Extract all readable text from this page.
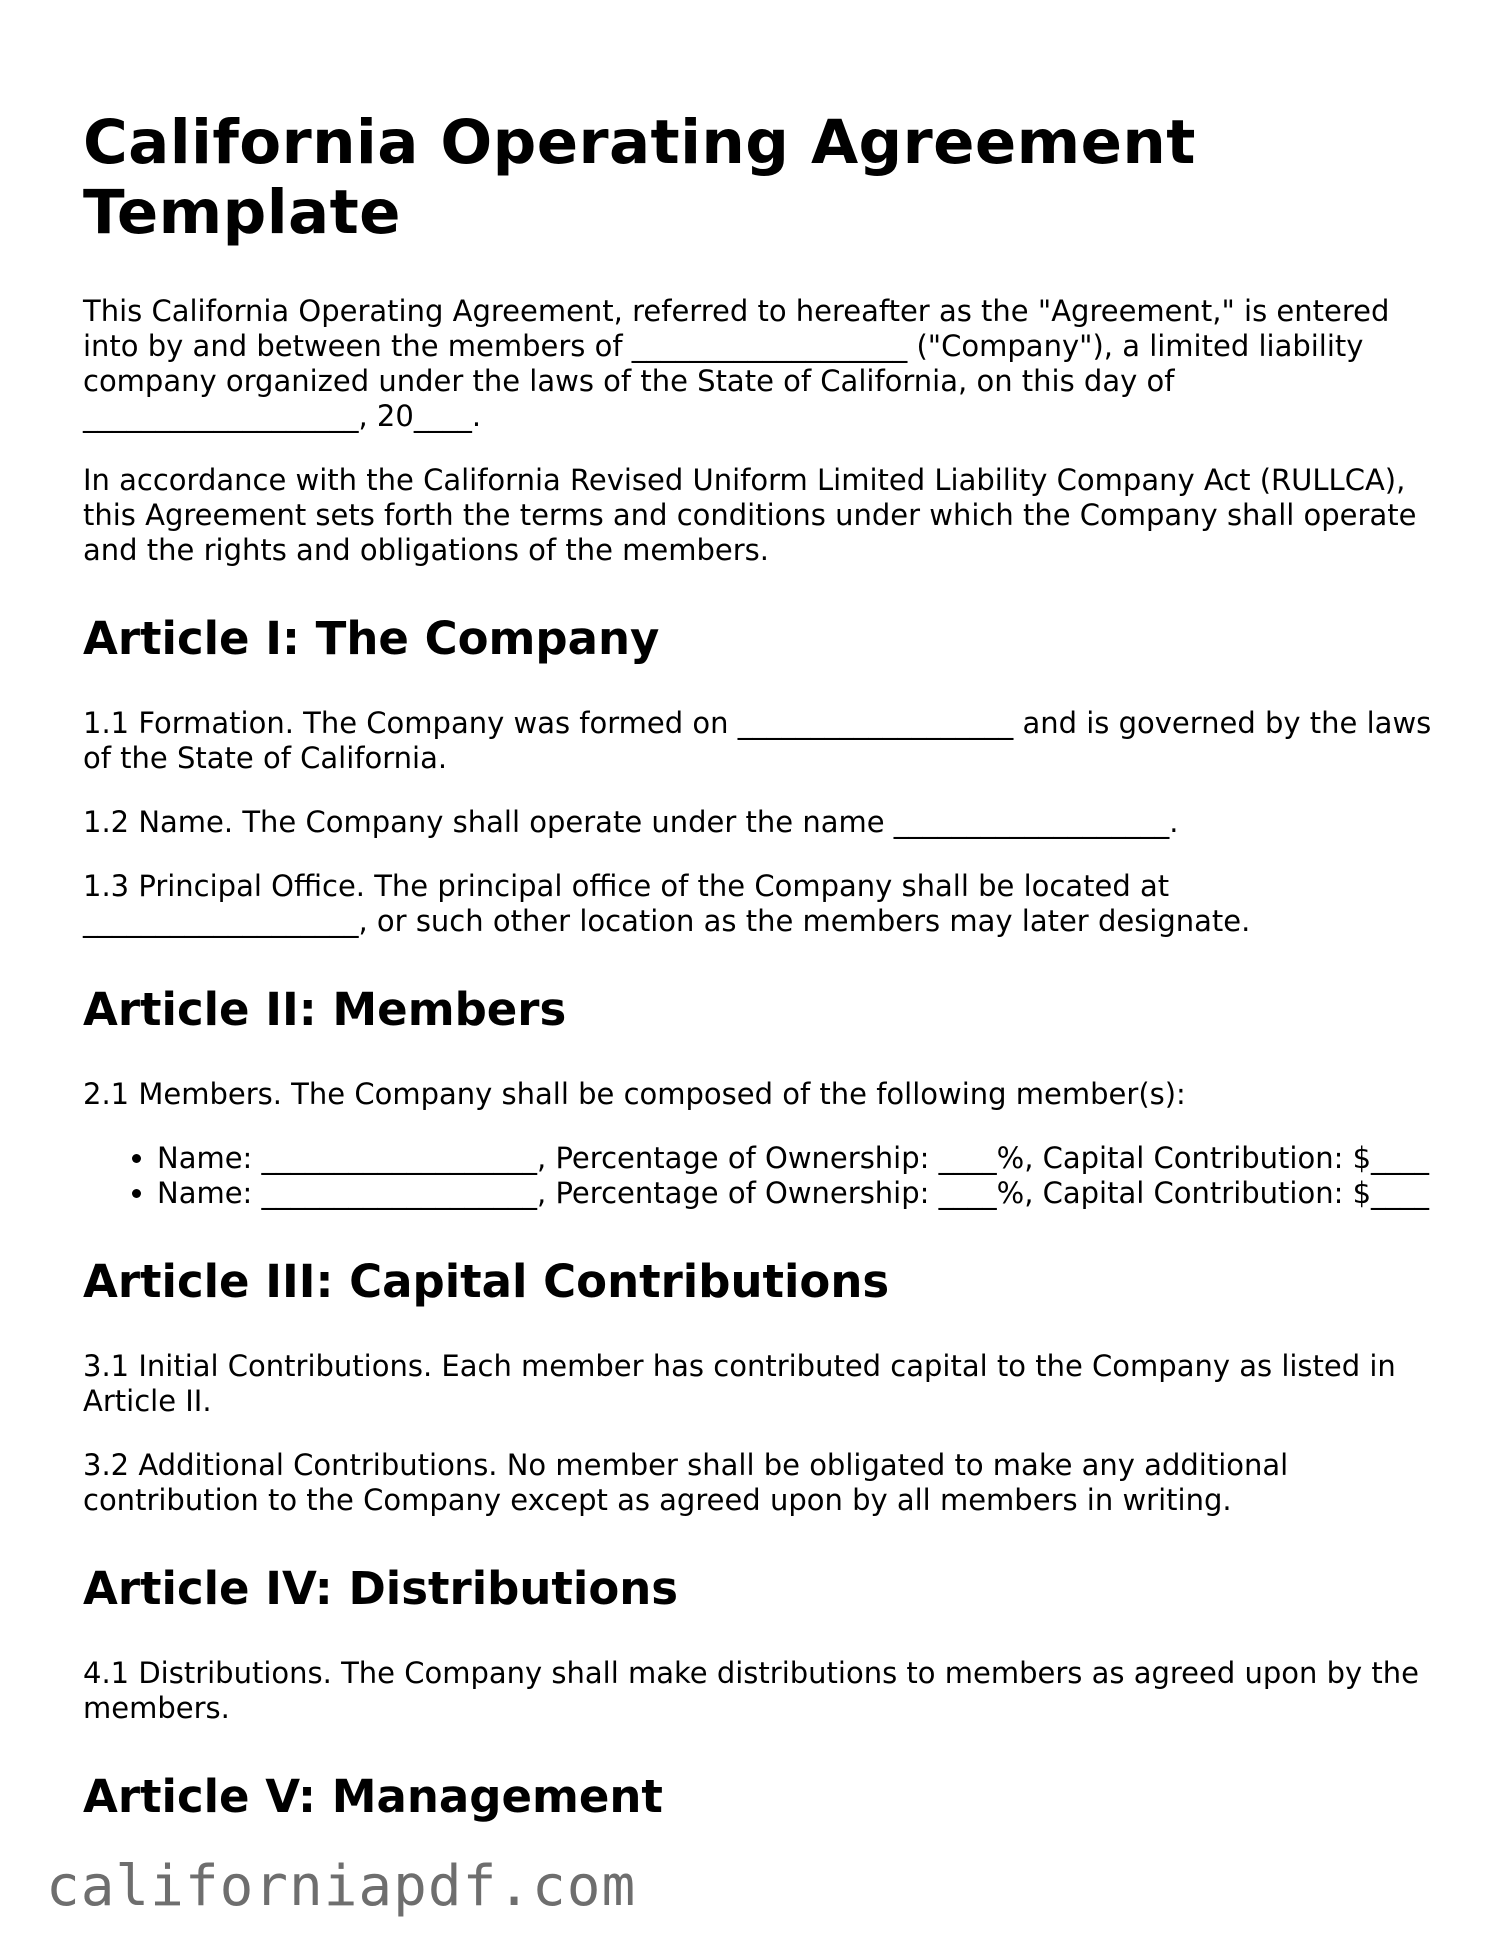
California Operating Agreement Template

This California Operating Agreement, referred to hereafter as the "Agreement," is entered into by and between the members of ___________________ ("Company"), a limited liability company organized under the laws of the State of California, on this day of ___________________, 20____.

In accordance with the California Revised Uniform Limited Liability Company Act (RULLCA), this Agreement sets forth the terms and conditions under which the Company shall operate and the rights and obligations of the members.

Article I: The Company

1.1 Formation. The Company was formed on ___________________ and is governed by the laws of the State of California.

1.2 Name. The Company shall operate under the name ___________________.

1.3 Principal Office. The principal office of the Company shall be located at ___________________, or such other location as the members may later designate.

Article II: Members

2.1 Members. The Company shall be composed of the following member(s):

• Name: ___________________, Percentage of Ownership: ____%, Capital Contribution: $____
• Name: ___________________, Percentage of Ownership: ____%, Capital Contribution: $____
Article III: Capital Contributions

3.1 Initial Contributions. Each member has contributed capital to the Company as listed in Article II.

3.2 Additional Contributions. No member shall be obligated to make any additional contribution to the Company except as agreed upon by all members in writing.

Article IV: Distributions

4.1 Distributions. The Company shall make distributions to members as agreed upon by the members.

Article V: Management
californiapdf.com
